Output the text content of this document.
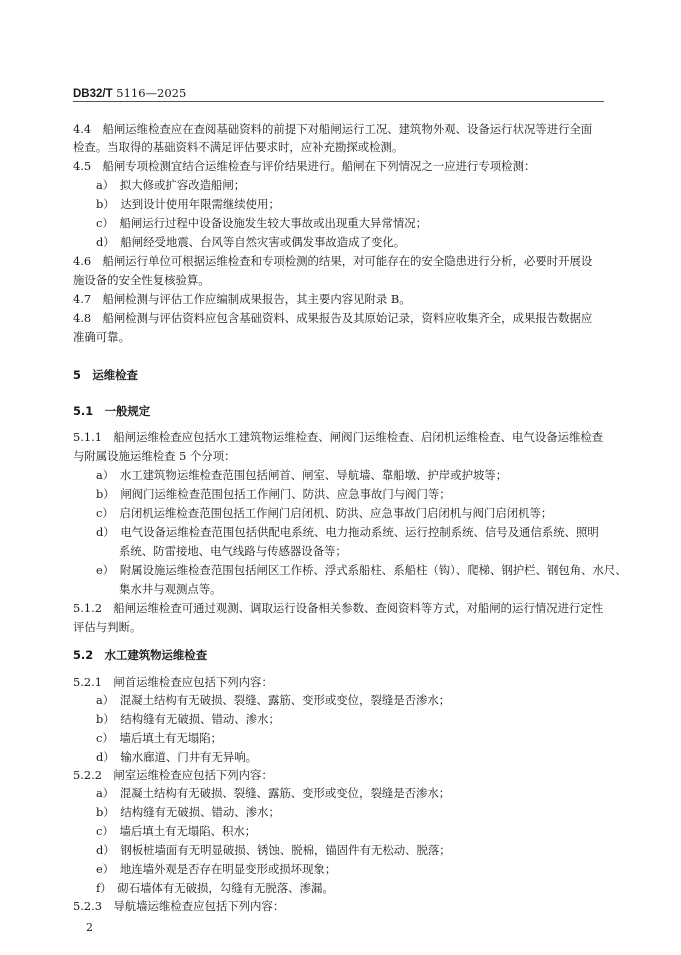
DB32/T 5116—2025
4.4　船闸运维检查应在查阅基础资料的前提下对船闸运行工况、建筑物外观、设备运行状况等进行全面
检查。当取得的基础资料不满足评估要求时，应补充勘探或检测。
4.5　船闸专项检测宜结合运维检查与评价结果进行。船闸在下列情况之一应进行专项检测：
a）　拟大修或扩容改造船闸；
b）　达到设计使用年限需继续使用；
c）　船闸运行过程中设备设施发生较大事故或出现重大异常情况；
d）　船闸经受地震、台风等自然灾害或偶发事故造成了变化。
4.6　船闸运行单位可根据运维检查和专项检测的结果，对可能存在的安全隐患进行分析，必要时开展设
施设备的安全性复核验算。
4.7　船闸检测与评估工作应编制成果报告，其主要内容见附录 B。
4.8　船闸检测与评估资料应包含基础资料、成果报告及其原始记录，资料应收集齐全，成果报告数据应
准确可靠。
5　运维检查
5.1　一般规定
5.1.1　船闸运维检查应包括水工建筑物运维检查、闸阀门运维检查、启闭机运维检查、电气设备运维检查
与附属设施运维检查 5 个分项：
a）　水工建筑物运维检查范围包括闸首、闸室、导航墙、靠船墩、护岸或护坡等；
b）　闸阀门运维检查范围包括工作闸门、防洪、应急事故门与阀门等；
c）　启闭机运维检查范围包括工作闸门启闭机、防洪、应急事故门启闭机与阀门启闭机等；
d）　电气设备运维检查范围包括供配电系统、电力拖动系统、运行控制系统、信号及通信系统、照明
系统、防雷接地、电气线路与传感器设备等；
e）　附属设施运维检查范围包括闸区工作桥、浮式系船柱、系船柱（钩）、爬梯、钢护栏、钢包角、水尺、
集水井与观测点等。
5.1.2　船闸运维检查可通过观测、调取运行设备相关参数、查阅资料等方式，对船闸的运行情况进行定性
评估与判断。
5.2　水工建筑物运维检查
5.2.1　闸首运维检查应包括下列内容：
a）　混凝土结构有无破损、裂缝、露筋、变形或变位，裂缝是否渗水；
b）　结构缝有无破损、错动、渗水；
c）　墙后填土有无塌陷；
d）　输水廊道、门井有无异响。
5.2.2　闸室运维检查应包括下列内容：
a）　混凝土结构有无破损、裂缝、露筋、变形或变位，裂缝是否渗水；
b）　结构缝有无破损、错动、渗水；
c）　墙后填土有无塌陷、积水；
d）　钢板桩墙面有无明显破损、锈蚀、脱棉，锚固件有无松动、脱落；
e）　地连墙外观是否存在明显变形或损坏现象；
f）　砌石墙体有无破损，勾缝有无脱落、渗漏。
5.2.3　导航墙运维检查应包括下列内容：
2
